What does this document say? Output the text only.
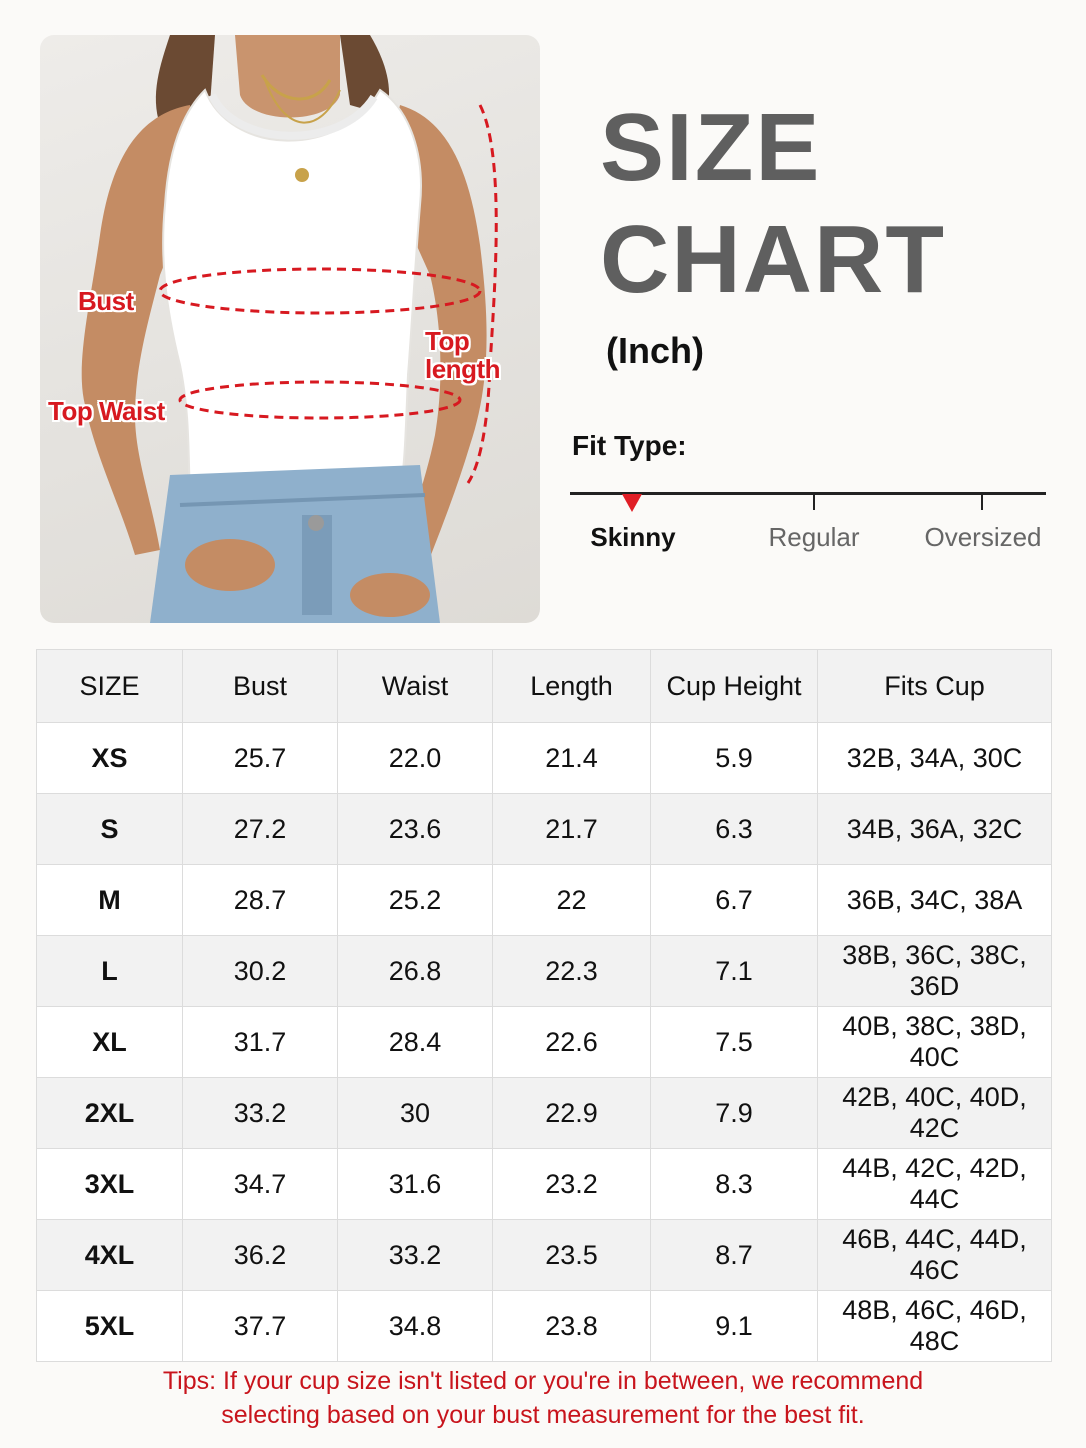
Bust
Top length
Top Waist
SIZE
CHART
(Inch)
Fit Type:
Skinny	Regular Oversized
SIZE	Bust	Waist	Length	Cup Height	Fits Cup
XS	25.7	22.0	21.4	5.9	32B, 34A, 30C
S	27.2	23.6	21.7	6.3	34B, 36A, 32C
M	28.7	25.2	22	6.7	36B, 34C, 38A
L	30.2	26.8	22.3	7.1	38B, 36C, 38C, 36D
XL	31.7	28.4	22.6	7.5	40B, 38C, 38D, 40C
2XL	33.2	30	22.9	7.9	42B, 40C, 40D, 42C
3XL	34.7	31.6	23.2	8.3	44B, 42C, 42D, 44C
4XL	36.2	33.2	23.5	8.7	46B, 44C, 44D, 46C
5XL	37.7	34.8	23.8	9.1	48B, 46C, 46D, 48C
Tips: If your cup size isn't listed or you're in between, we recommend
selecting based on your bust measurement for the best fit.
